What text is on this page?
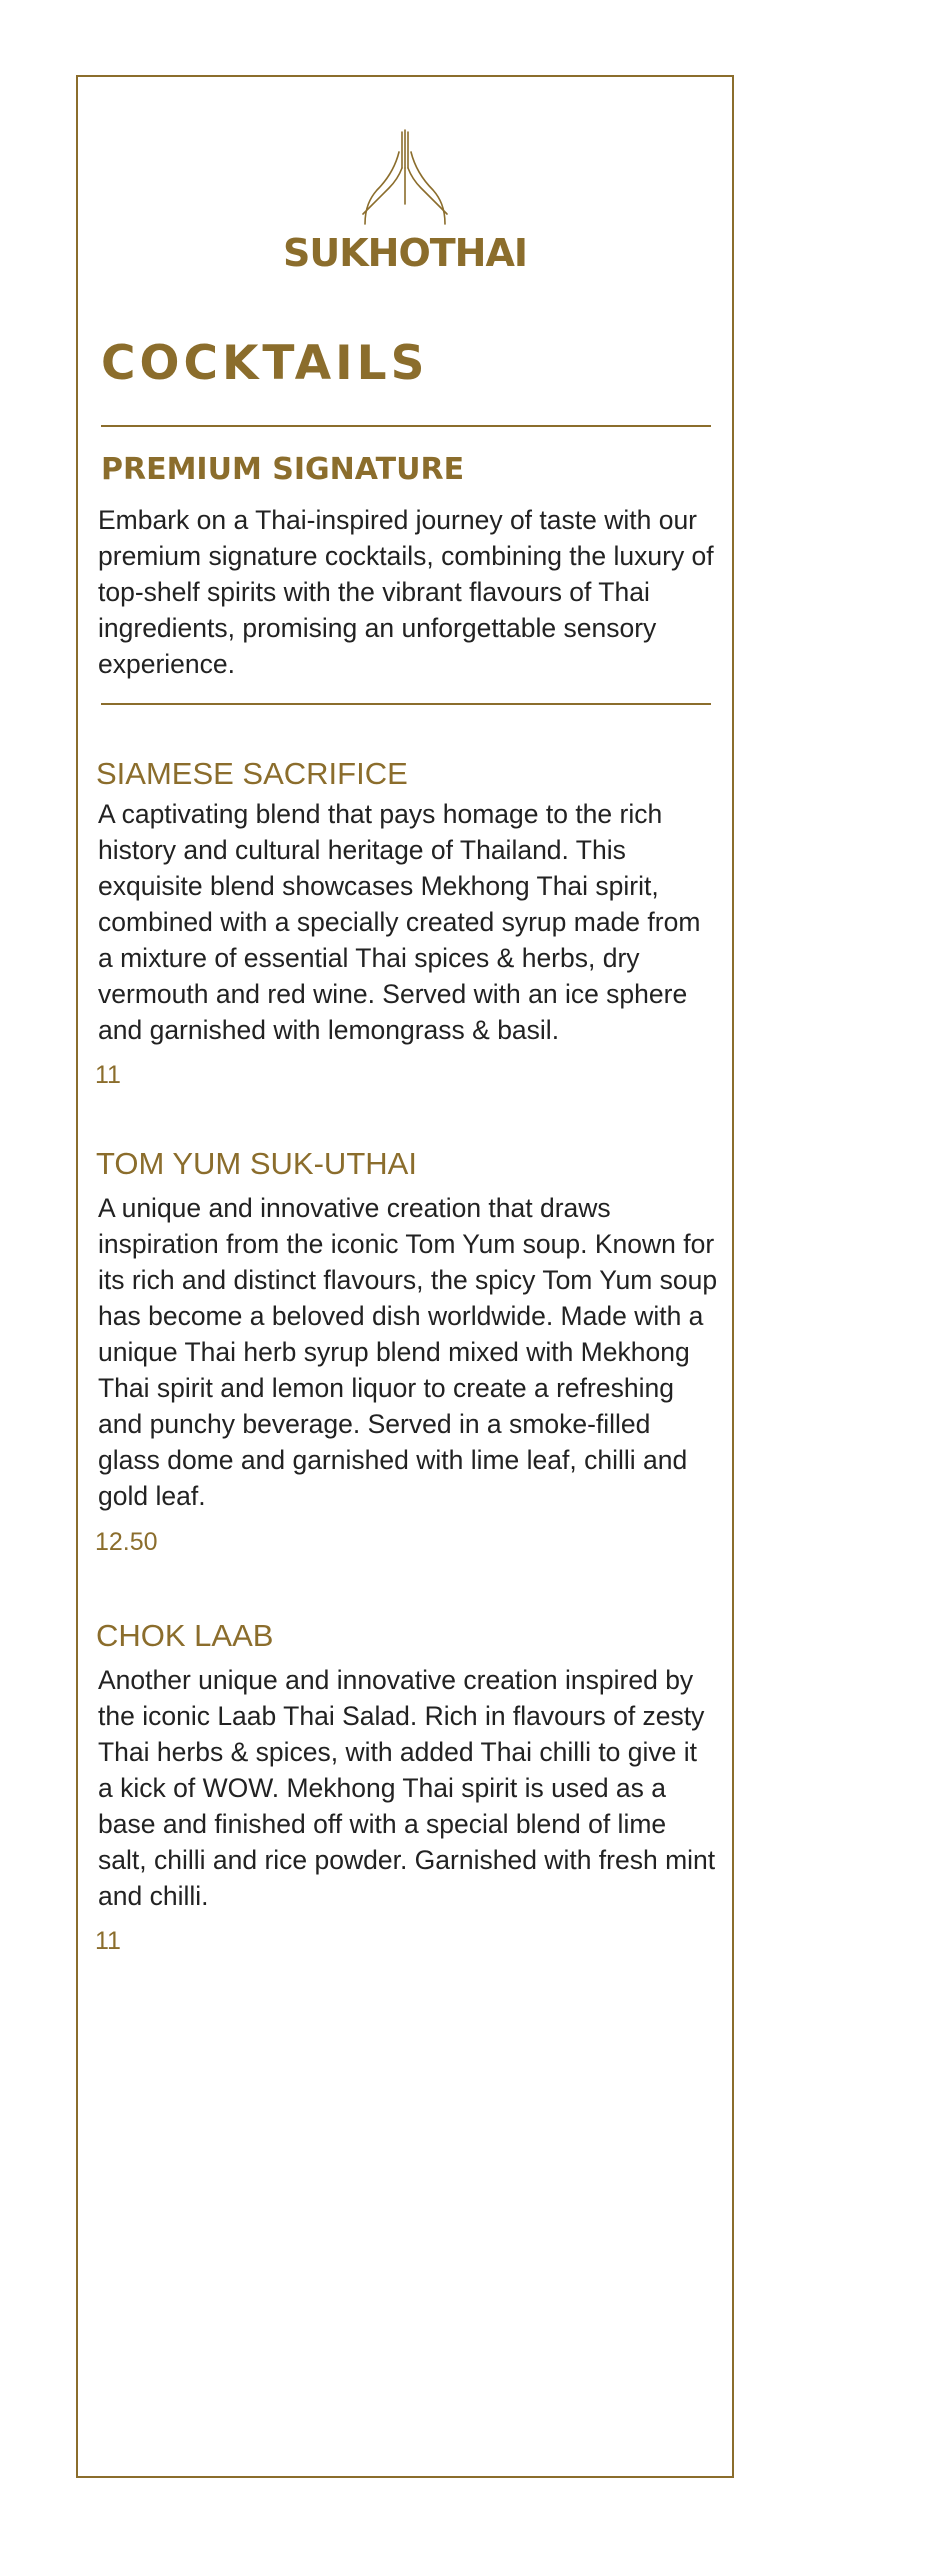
SUKHOTHAI
COCKTAILS
PREMIUM SIGNATURE

Embark on a Thai-inspired journey of taste with our premium signature cocktails, combining the luxury of top-shelf spirits with the vibrant flavours of Thai ingredients, promising an unforgettable sensory experience.

SIAMESE SACRIFICE

A captivating blend that pays homage to the rich history and cultural heritage of Thailand. This exquisite blend showcases Mekhong Thai spirit, combined with a specially created syrup made from a mixture of essential Thai spices & herbs, dry vermouth and red wine. Served with an ice sphere and garnished with lemongrass & basil.

11
TOM YUM SUK-UTHAI

A unique and innovative creation that draws inspiration from the iconic Tom Yum soup. Known for its rich and distinct flavours, the spicy Tom Yum soup has become a beloved dish worldwide. Made with a unique Thai herb syrup blend mixed with Mekhong Thai spirit and lemon liquor to create a refreshing and punchy beverage. Served in a smoke-filled glass dome and garnished with lime leaf, chilli and gold leaf.

12.50
CHOK LAAB

Another unique and innovative creation inspired by the iconic Laab Thai Salad. Rich in flavours of zesty Thai herbs & spices, with added Thai chilli to give it a kick of WOW. Mekhong Thai spirit is used as a base and finished off with a special blend of lime salt, chilli and rice powder. Garnished with fresh mint and chilli.

11
